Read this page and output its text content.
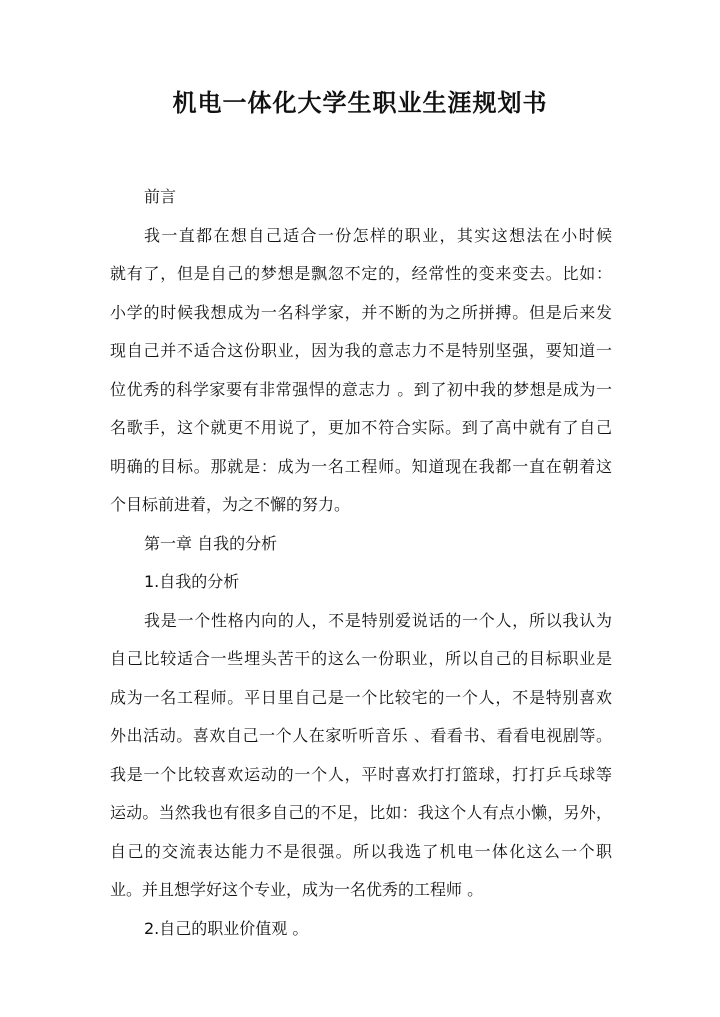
机电一体化大学生职业生涯规划书
前言
我一直都在想自己适合一份怎样的职业，其实这想法在小时候
就有了，但是自己的梦想是飘忽不定的，经常性的变来变去。比如：
小学的时候我想成为一名科学家，并不断的为之所拼搏。但是后来发
现自己并不适合这份职业，因为我的意志力不是特别坚强，要知道一
位优秀的科学家要有非常强悍的意志力 。到了初中我的梦想是成为一
名歌手，这个就更不用说了，更加不符合实际。到了高中就有了自己
明确的目标。那就是：成为一名工程师。知道现在我都一直在朝着这
个目标前进着，为之不懈的努力。
第一章 自我的分析
1.自我的分析
我是一个性格内向的人，不是特别爱说话的一个人，所以我认为
自己比较适合一些埋头苦干的这么一份职业，所以自己的目标职业是
成为一名工程师。平日里自己是一个比较宅的一个人，不是特别喜欢
外出活动。喜欢自己一个人在家听听音乐 、看看书、看看电视剧等。
我是一个比较喜欢运动的一个人，平时喜欢打打篮球，打打乒乓球等
运动。当然我也有很多自己的不足，比如：我这个人有点小懒，另外，
自己的交流表达能力不是很强。所以我选了机电一体化这么一个职
业。并且想学好这个专业，成为一名优秀的工程师 。
2.自己的职业价值观 。
